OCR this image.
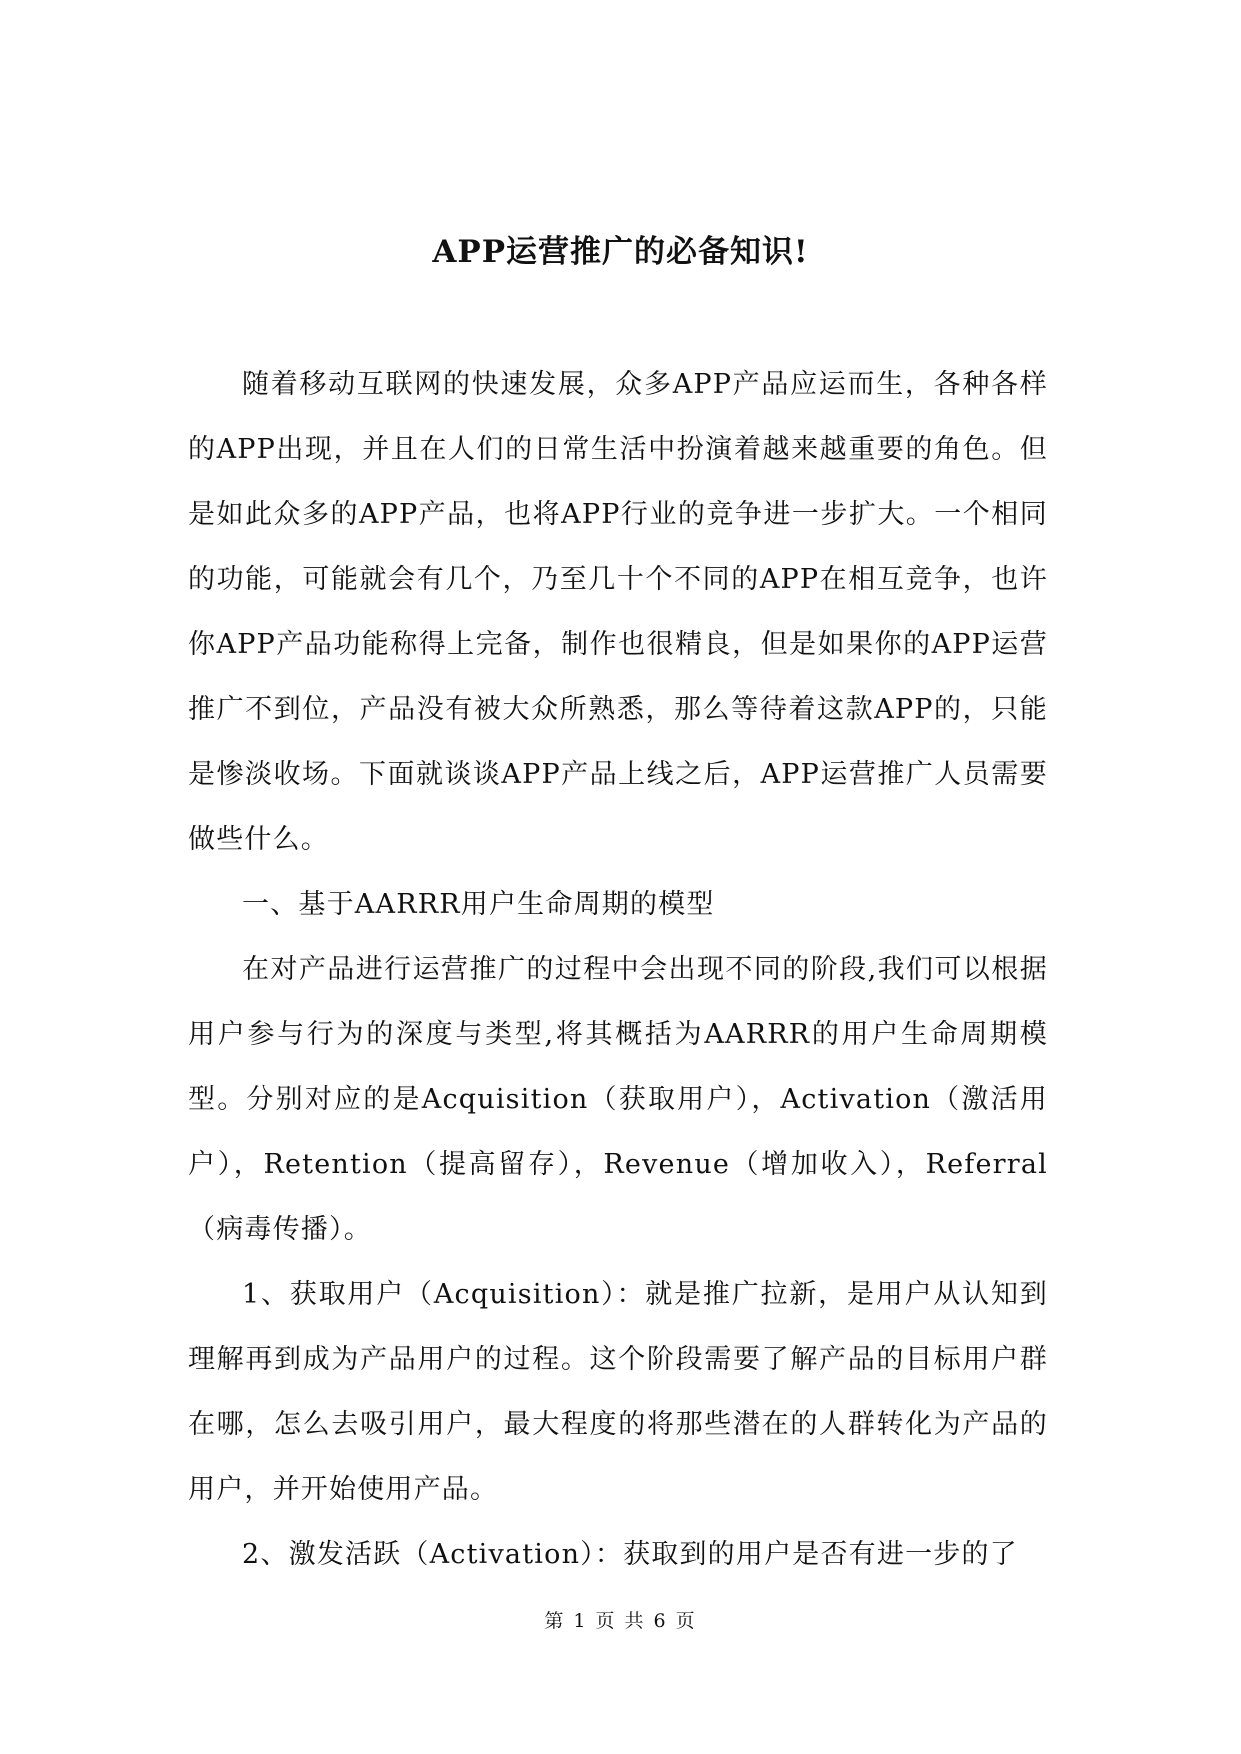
APP运营推广的必备知识!

随着移动互联网的快速发展，众多APP产品应运而生，各种各样的APP出现，并且在人们的日常生活中扮演着越来越重要的角色。但是如此众多的APP产品，也将APP行业的竞争进一步扩大。一个相同的功能，可能就会有几个，乃至几十个不同的APP在相互竞争，也许你APP产品功能称得上完备，制作也很精良，但是如果你的APP运营推广不到位，产品没有被大众所熟悉，那么等待着这款APP的，只能是惨淡收场。下面就谈谈APP产品上线之后，APP运营推广人员需要做些什么。

一、基于AARRR用户生命周期的模型

在对产品进行运营推广的过程中会出现不同的阶段,我们可以根据用户参与行为的深度与类型,将其概括为AARRR的用户生命周期模型。分别对应的是Acquisition（获取用户），Activation（激活用户），Retention（提高留存），Revenue（增加收入），Referral（病毒传播）。

1、获取用户（Acquisition）：就是推广拉新，是用户从认知到理解再到成为产品用户的过程。这个阶段需要了解产品的目标用户群在哪，怎么去吸引用户，最大程度的将那些潜在的人群转化为产品的用户，并开始使用产品。

2、激发活跃（Activation）：获取到的用户是否有进一步的了

第 1 页 共 6 页
